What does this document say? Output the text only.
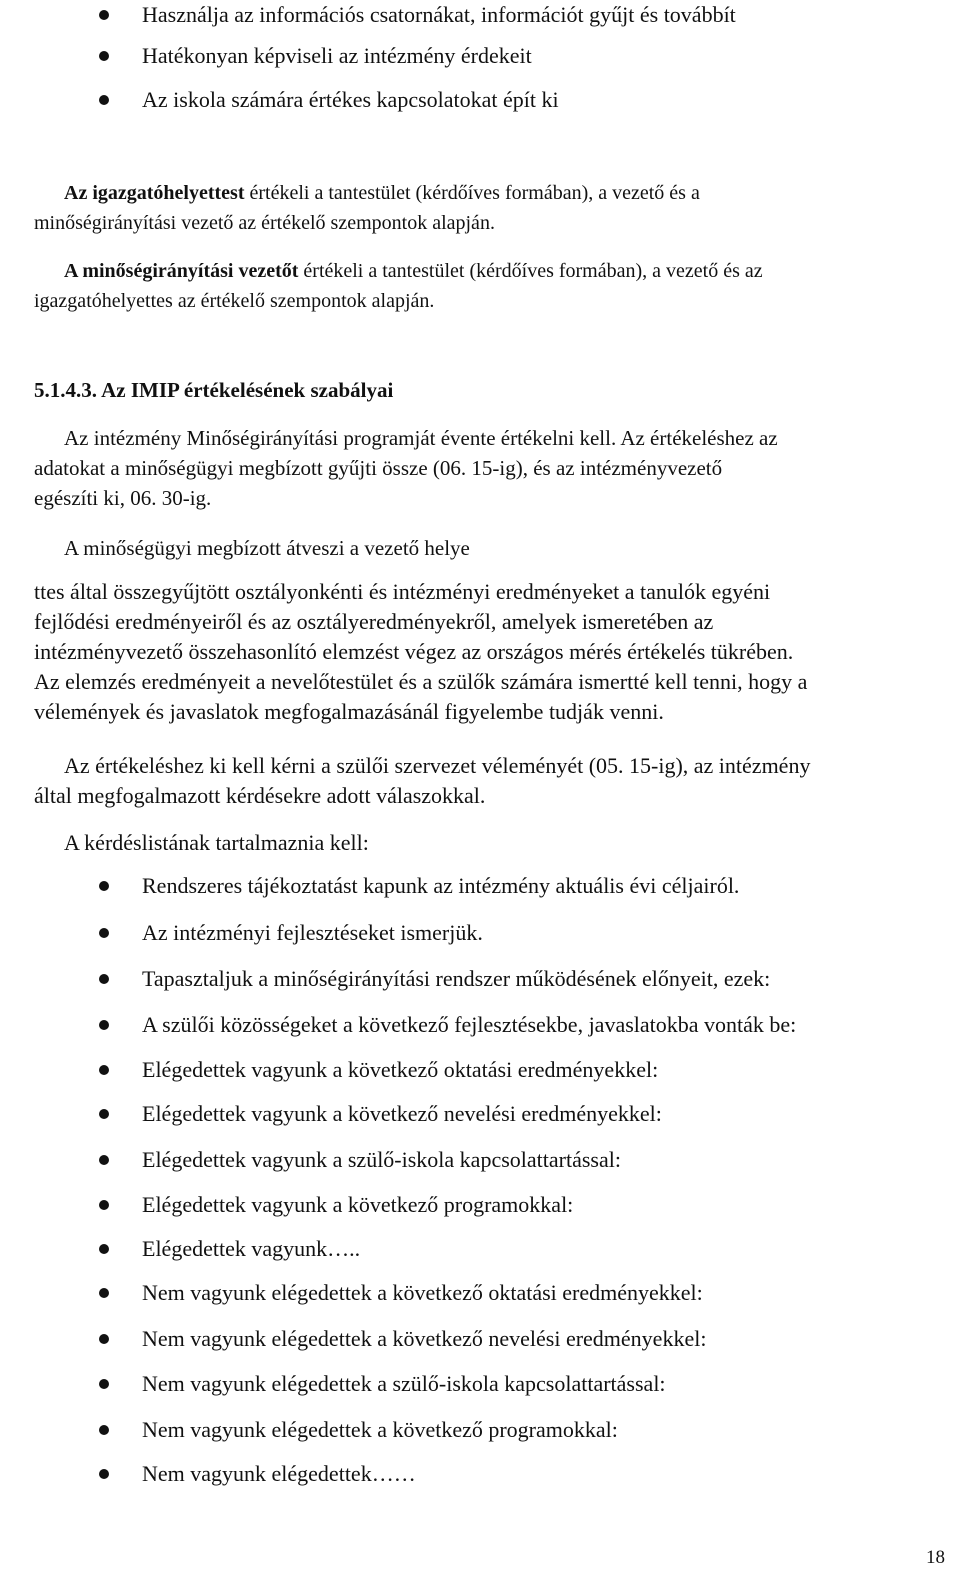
Használja az információs csatornákat, információt gyűjt és továbbít
Hatékonyan képviseli az intézmény érdekeit
Az iskola számára értékes kapcsolatokat épít ki
Az igazgatóhelyettest értékeli a tantestület (kérdőíves formában), a vezető és a
minőségirányítási vezető az értékelő szempontok alapján.
A minőségirányítási vezetőt értékeli a tantestület (kérdőíves formában), a vezető és az
igazgatóhelyettes az értékelő szempontok alapján.
5.1.4.3. Az IMIP értékelésének szabályai
Az intézmény Minőségirányítási programját évente értékelni kell. Az értékeléshez az
adatokat a minőségügyi megbízott gyűjti össze (06. 15-ig), és az intézményvezető
egészíti ki, 06. 30-ig.
A minőségügyi megbízott átveszi a vezető helye
ttes által összegyűjtött osztályonkénti és intézményi eredményeket a tanulók egyéni
fejlődési eredményeiről és az osztályeredményekről, amelyek ismeretében az
intézményvezető összehasonlító elemzést végez az országos mérés értékelés tükrében.
Az elemzés eredményeit a nevelőtestület és a szülők számára ismertté kell tenni, hogy a
vélemények és javaslatok megfogalmazásánál figyelembe tudják venni.
Az értékeléshez ki kell kérni a szülői szervezet véleményét (05. 15-ig), az intézmény
által megfogalmazott kérdésekre adott válaszokkal.
A kérdéslistának tartalmaznia kell:
Rendszeres tájékoztatást kapunk az intézmény aktuális évi céljairól.
Az intézményi fejlesztéseket ismerjük.
Tapasztaljuk a minőségirányítási rendszer működésének előnyeit, ezek:
A szülői közösségeket a következő fejlesztésekbe, javaslatokba vonták be:
Elégedettek vagyunk a következő oktatási eredményekkel:
Elégedettek vagyunk a következő nevelési eredményekkel:
Elégedettek vagyunk a szülő-iskola kapcsolattartással:
Elégedettek vagyunk a következő programokkal:
Elégedettek vagyunk…..
Nem vagyunk elégedettek a következő oktatási eredményekkel:
Nem vagyunk elégedettek a következő nevelési eredményekkel:
Nem vagyunk elégedettek a szülő-iskola kapcsolattartással:
Nem vagyunk elégedettek a következő programokkal:
Nem vagyunk elégedettek……
18
